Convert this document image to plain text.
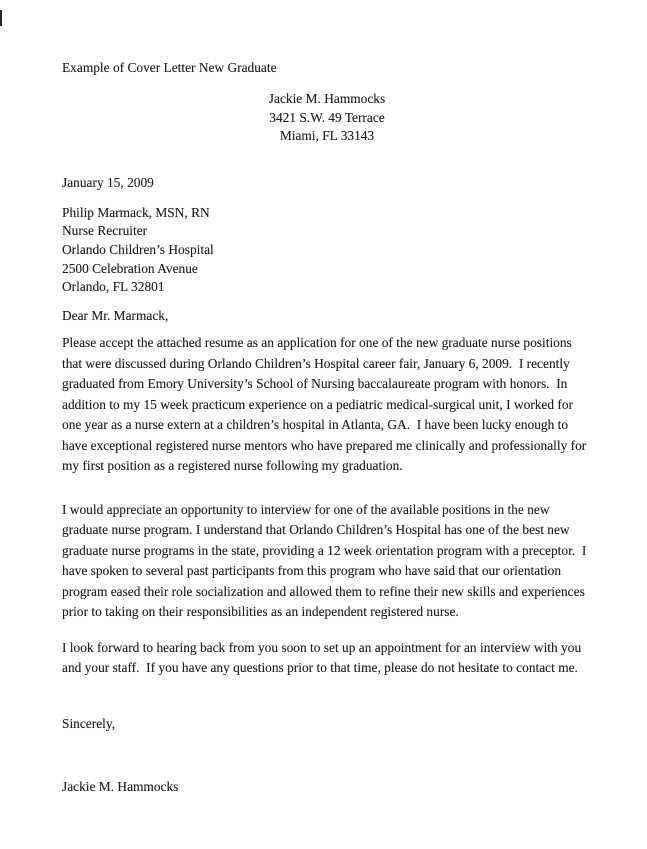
Example of Cover Letter New Graduate
Jackie M. Hammocks
3421 S.W. 49 Terrace
Miami, FL 33143
January 15, 2009
Philip Marmack, MSN, RN
Nurse Recruiter
Orlando Children’s Hospital
2500 Celebration Avenue
Orlando, FL 32801
Dear Mr. Marmack,
Please accept the attached resume as an application for one of the new graduate nurse positions that were discussed during Orlando Children’s Hospital career fair, January 6, 2009.  I recently graduated from Emory University’s School of Nursing baccalaureate program with honors.  In addition to my 15 week practicum experience on a pediatric medical-surgical unit, I worked for one year as a nurse extern at a children’s hospital in Atlanta, GA.  I have been lucky enough to have exceptional registered nurse mentors who have prepared me clinically and professionally for my first position as a registered nurse following my graduation.
I would appreciate an opportunity to interview for one of the available positions in the new graduate nurse program. I understand that Orlando Children’s Hospital has one of the best new graduate nurse programs in the state, providing a 12 week orientation program with a preceptor.  I have spoken to several past participants from this program who have said that our orientation program eased their role socialization and allowed them to refine their new skills and experiences prior to taking on their responsibilities as an independent registered nurse.
I look forward to hearing back from you soon to set up an appointment for an interview with you and your staff.  If you have any questions prior to that time, please do not hesitate to contact me.
Sincerely,
Jackie M. Hammocks
